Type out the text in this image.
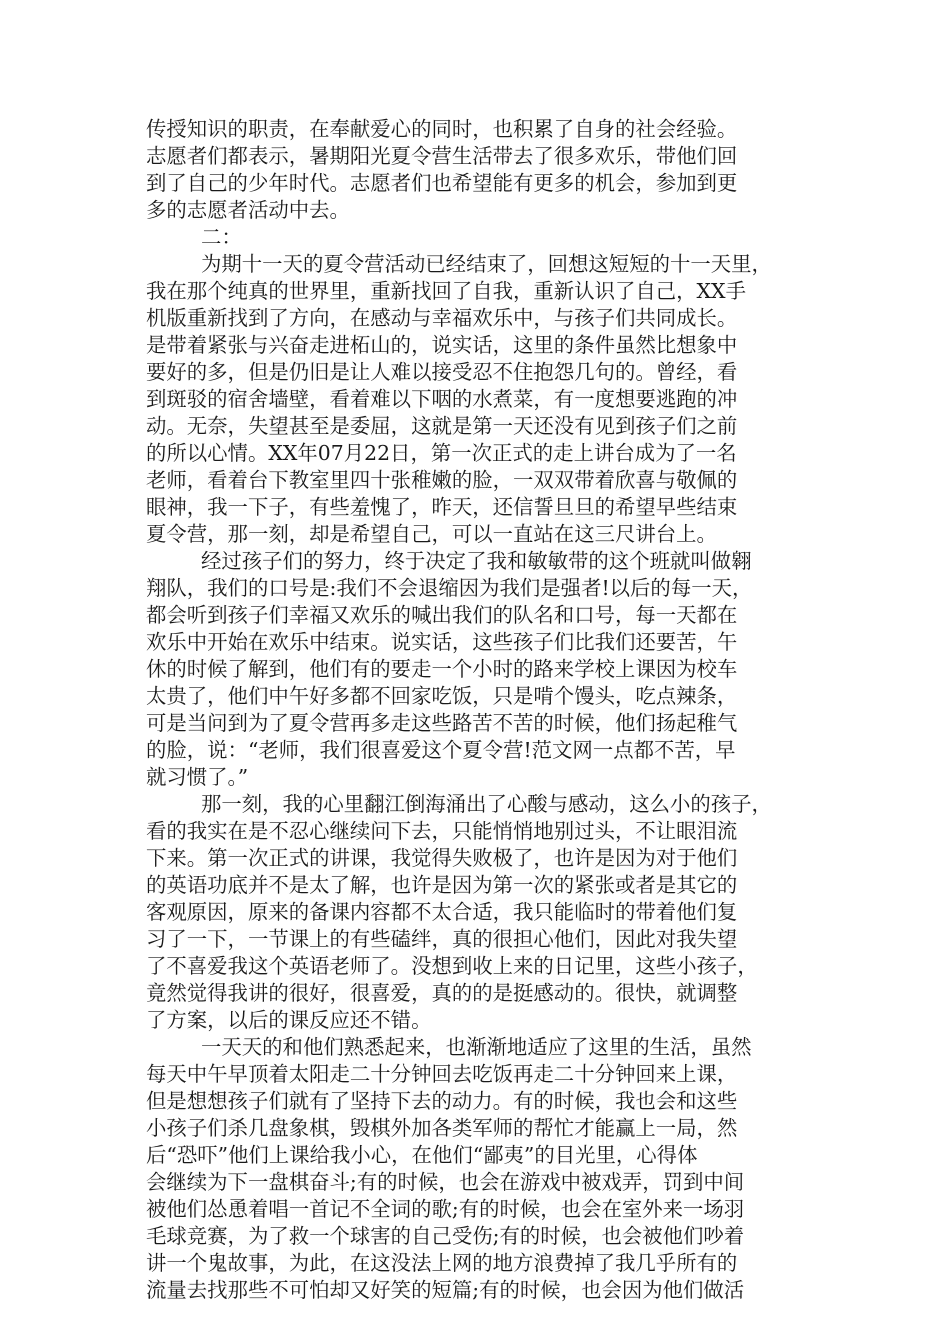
传授知识的职责，在奉献爱心的同时，也积累了自身的社会经验。
志愿者们都表示，暑期阳光夏令营生活带去了很多欢乐，带他们回
到了自己的少年时代。志愿者们也希望能有更多的机会，参加到更
多的志愿者活动中去。
二：
为期十一天的夏令营活动已经结束了，回想这短短的十一天里，
我在那个纯真的世界里，重新找回了自我，重新认识了自己，XX手
机版重新找到了方向，在感动与幸福欢乐中，与孩子们共同成长。
是带着紧张与兴奋走进柘山的，说实话，这里的条件虽然比想象中
要好的多，但是仍旧是让人难以接受忍不住抱怨几句的。曾经，看
到斑驳的宿舍墙壁，看着难以下咽的水煮菜，有一度想要逃跑的冲
动。无奈，失望甚至是委屈，这就是第一天还没有见到孩子们之前
的所以心情。XX年07月22日，第一次正式的走上讲台成为了一名
老师，看着台下教室里四十张稚嫩的脸，一双双带着欣喜与敬佩的
眼神，我一下子，有些羞愧了，昨天，还信誓旦旦的希望早些结束
夏令营，那一刻，却是希望自己，可以一直站在这三尺讲台上。
经过孩子们的努力，终于决定了我和敏敏带的这个班就叫做翱
翔队，我们的口号是:我们不会退缩因为我们是强者!以后的每一天，
都会听到孩子们幸福又欢乐的喊出我们的队名和口号，每一天都在
欢乐中开始在欢乐中结束。说实话，这些孩子们比我们还要苦，午
休的时候了解到，他们有的要走一个小时的路来学校上课因为校车
太贵了，他们中午好多都不回家吃饭，只是啃个馒头，吃点辣条，
可是当问到为了夏令营再多走这些路苦不苦的时候，他们扬起稚气
的脸，说：“老师，我们很喜爱这个夏令营!范文网一点都不苦，早
就习惯了。”
那一刻，我的心里翻江倒海涌出了心酸与感动，这么小的孩子，
看的我实在是不忍心继续问下去，只能悄悄地别过头，不让眼泪流
下来。第一次正式的讲课，我觉得失败极了，也许是因为对于他们
的英语功底并不是太了解，也许是因为第一次的紧张或者是其它的
客观原因，原来的备课内容都不太合适，我只能临时的带着他们复
习了一下，一节课上的有些磕绊，真的很担心他们，因此对我失望
了不喜爱我这个英语老师了。没想到收上来的日记里，这些小孩子，
竟然觉得我讲的很好，很喜爱，真的的是挺感动的。很快，就调整
了方案，以后的课反应还不错。
一天天的和他们熟悉起来，也渐渐地适应了这里的生活，虽然
每天中午早顶着太阳走二十分钟回去吃饭再走二十分钟回来上课，
但是想想孩子们就有了坚持下去的动力。有的时候，我也会和这些
小孩子们杀几盘象棋，毁棋外加各类军师的帮忙才能赢上一局，然
后“恐吓”他们上课给我小心，在他们“鄙夷”的目光里，心得体
会继续为下一盘棋奋斗;有的时候，也会在游戏中被戏弄，罚到中间
被他们怂恿着唱一首记不全词的歌;有的时候，也会在室外来一场羽
毛球竞赛，为了救一个球害的自己受伤;有的时候，也会被他们吵着
讲一个鬼故事，为此，在这没法上网的地方浪费掉了我几乎所有的
流量去找那些不可怕却又好笑的短篇;有的时候，也会因为他们做活
